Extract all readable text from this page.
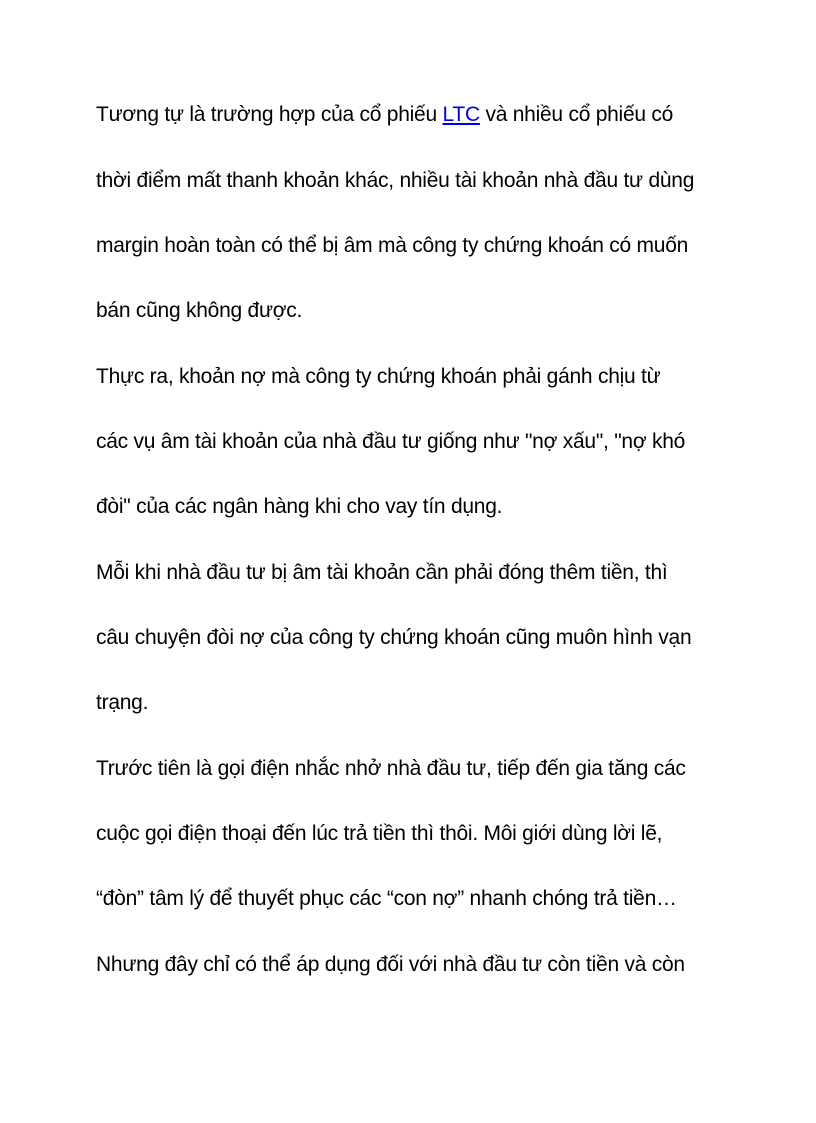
Tương tự là trường hợp của cổ phiếu LTC và nhiều cổ phiếu có
thời điểm mất thanh khoản khác, nhiều tài khoản nhà đầu tư dùng
margin hoàn toàn có thể bị âm mà công ty chứng khoán có muốn
bán cũng không được.
Thực ra, khoản nợ mà công ty chứng khoán phải gánh chịu từ
các vụ âm tài khoản của nhà đầu tư giống như "nợ xấu", "nợ khó
đòi" của các ngân hàng khi cho vay tín dụng.
Mỗi khi nhà đầu tư bị âm tài khoản cần phải đóng thêm tiền, thì
câu chuyện đòi nợ của công ty chứng khoán cũng muôn hình vạn
trạng.
Trước tiên là gọi điện nhắc nhở nhà đầu tư, tiếp đến gia tăng các
cuộc gọi điện thoại đến lúc trả tiền thì thôi. Môi giới dùng lời lẽ,
“đòn” tâm lý để thuyết phục các “con nợ” nhanh chóng trả tiền…
Nhưng đây chỉ có thể áp dụng đối với nhà đầu tư còn tiền và còn
